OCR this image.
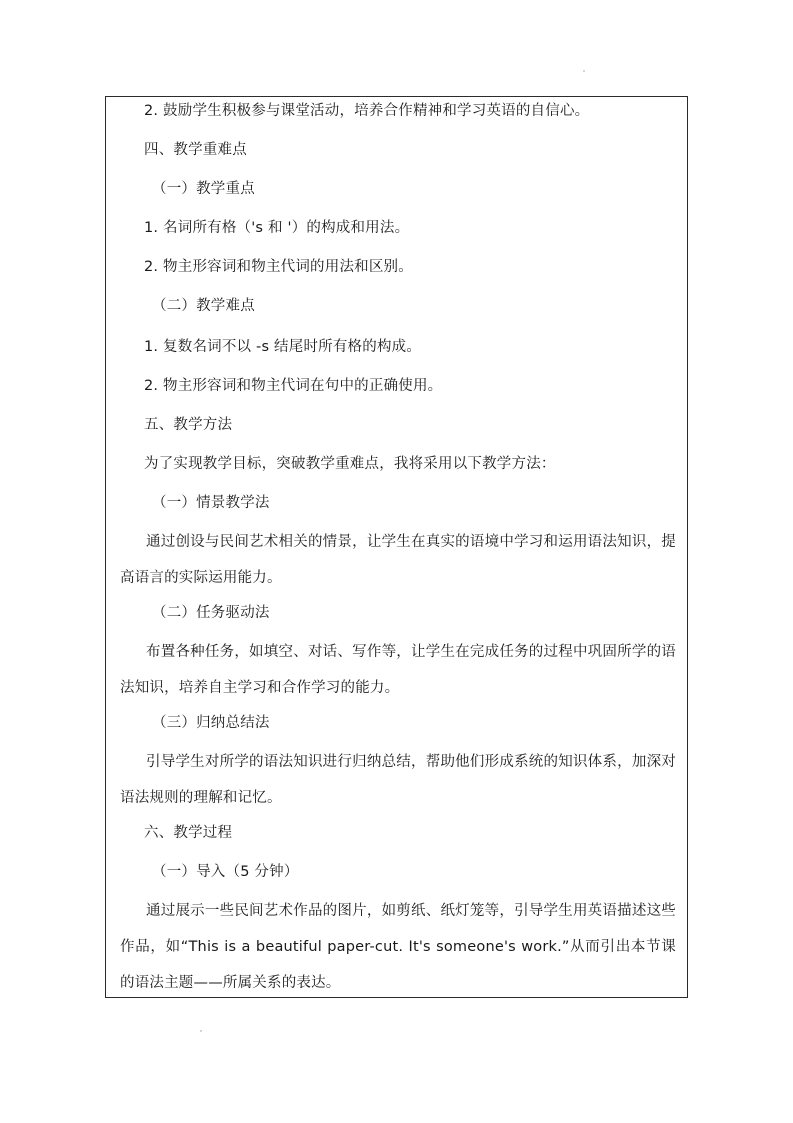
2. 鼓励学生积极参与课堂活动，培养合作精神和学习英语的自信心。
四、教学重难点
（一）教学重点
1. 名词所有格（'s 和 '）的构成和用法。
2. 物主形容词和物主代词的用法和区别。
（二）教学难点
1. 复数名词不以 -s 结尾时所有格的构成。
2. 物主形容词和物主代词在句中的正确使用。
五、教学方法
为了实现教学目标，突破教学重难点，我将采用以下教学方法：
（一）情景教学法
通过创设与民间艺术相关的情景，让学生在真实的语境中学习和运用语法知识，提高语言的实际运用能力。
（二）任务驱动法
布置各种任务，如填空、对话、写作等，让学生在完成任务的过程中巩固所学的语法知识，培养自主学习和合作学习的能力。
（三）归纳总结法
引导学生对所学的语法知识进行归纳总结，帮助他们形成系统的知识体系，加深对语法规则的理解和记忆。
六、教学过程
（一）导入（5 分钟）
通过展示一些民间艺术作品的图片，如剪纸、纸灯笼等，引导学生用英语描述这些作品，如“This is a beautiful paper-cut. It's someone's work.”从而引出本节课的语法主题——所属关系的表达。
